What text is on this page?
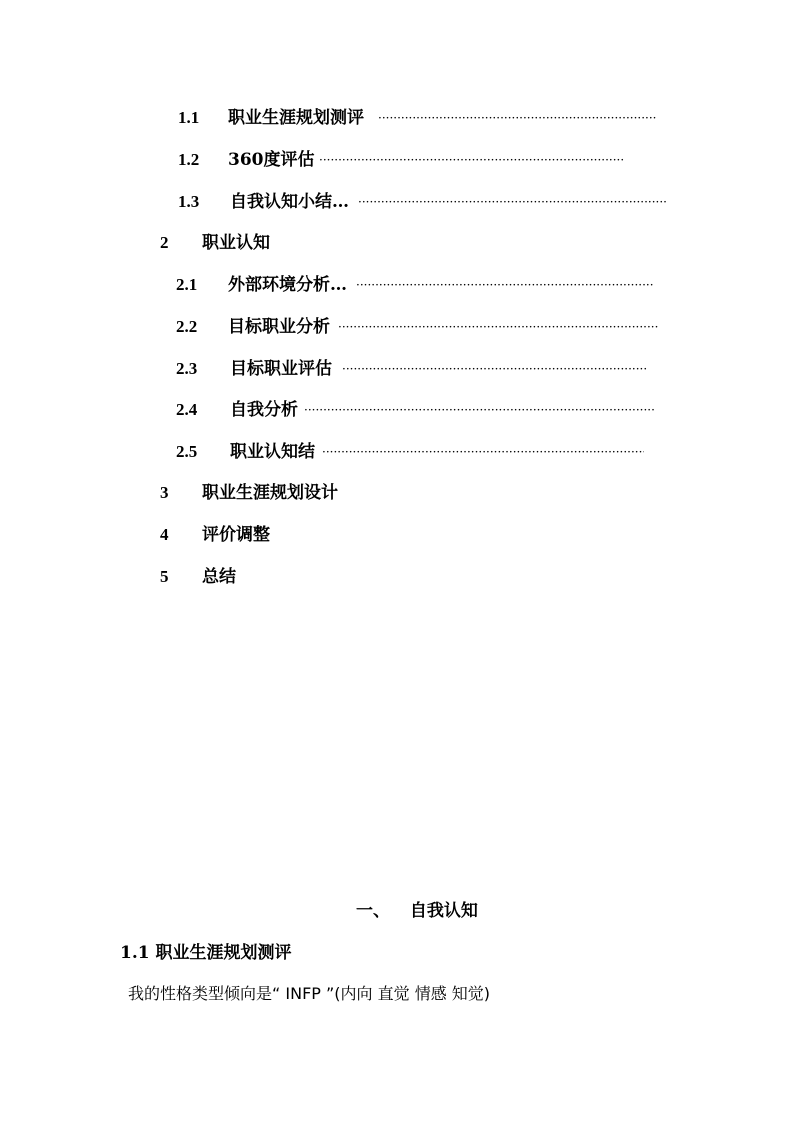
1.1 职业生涯规划测评
·····
1.2 360度评估
·····
1.3 自我认知小结…
·····
2 职业认知
2.1 外部环境分析…
·····
2.2 目标职业分析
·····
2.3 目标职业评估
·····
2.4 自我分析
·····
2.5 职业认知结
·····
3 职业生涯规划设计
4 评价调整
5 总结
一、 自我认知
1.1 职业生涯规划测评
我的性格类型倾向是“ INFP ”(内向 直觉 情感 知觉)
